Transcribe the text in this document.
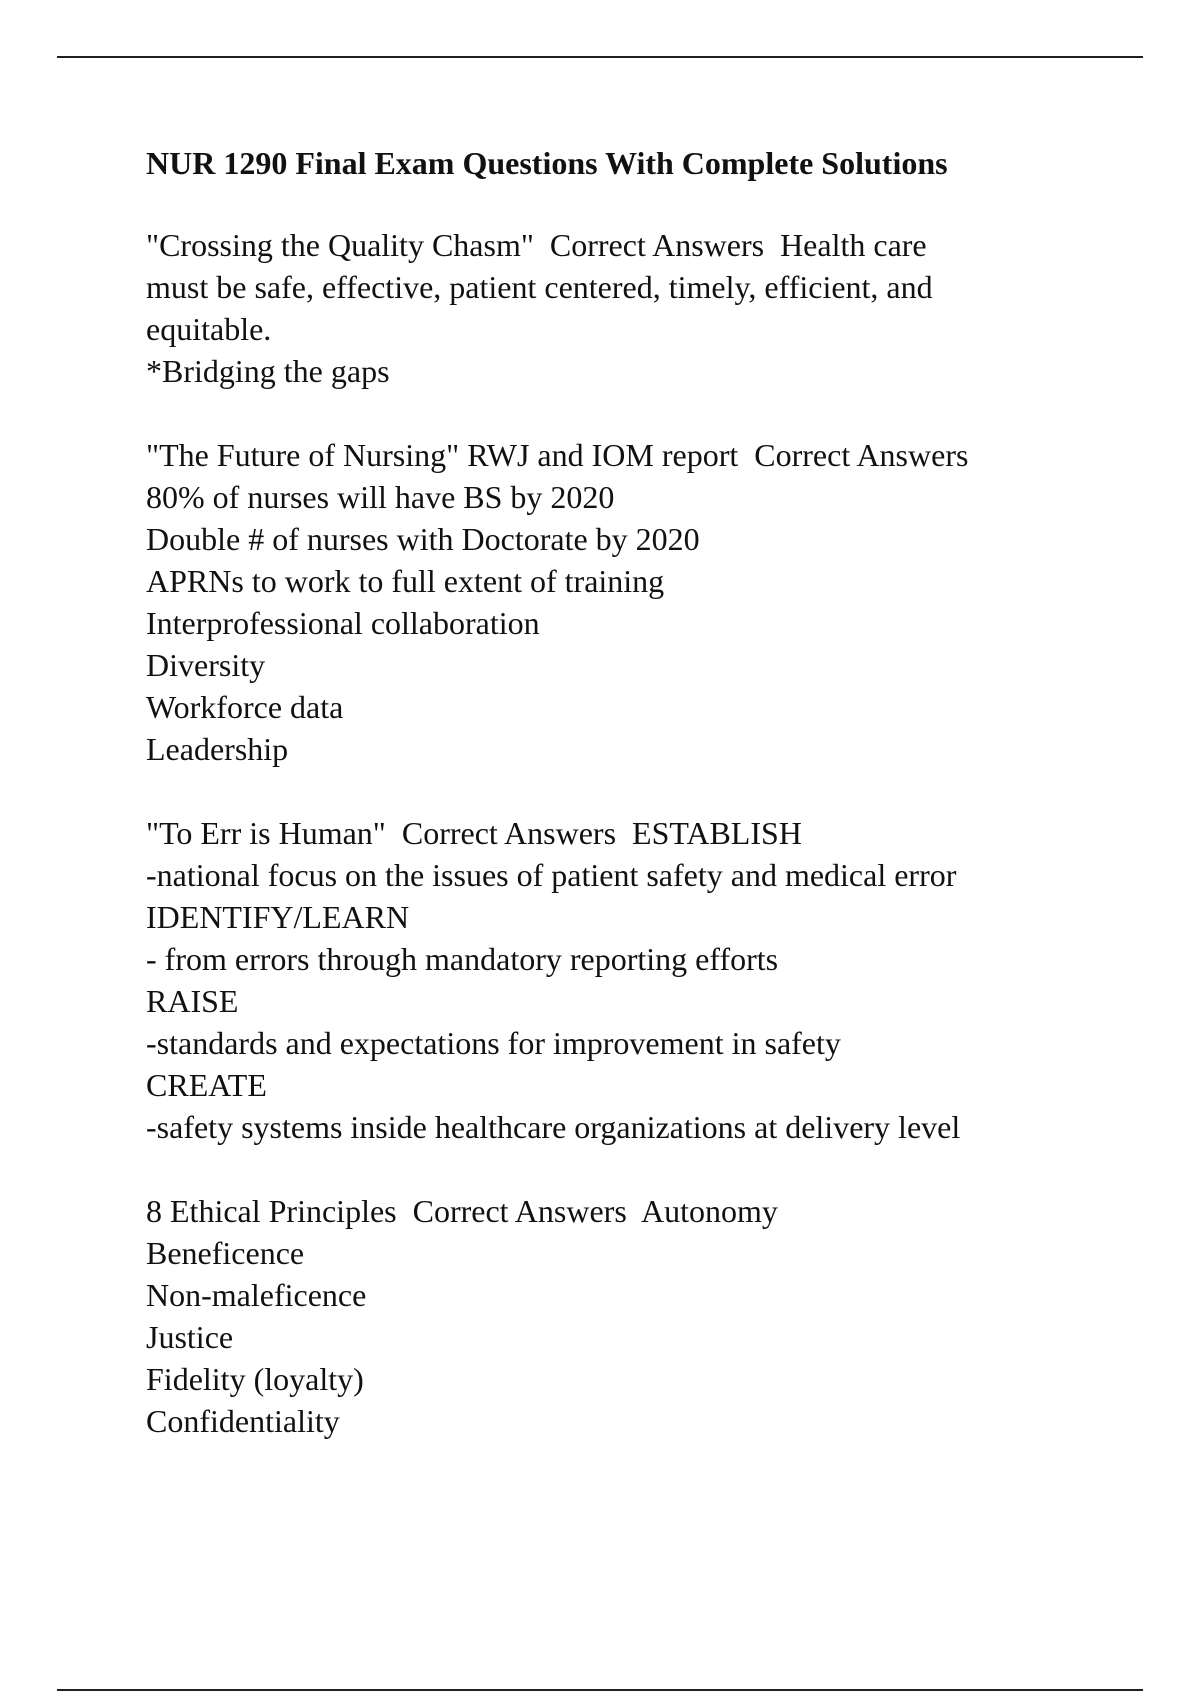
NUR 1290 Final Exam Questions With Complete Solutions
"Crossing the Quality Chasm"  Correct Answers  Health care
must be safe, effective, patient centered, timely, efficient, and
equitable.
*Bridging the gaps
"The Future of Nursing" RWJ and IOM report  Correct Answers
80% of nurses will have BS by 2020
Double # of nurses with Doctorate by 2020
APRNs to work to full extent of training
Interprofessional collaboration
Diversity
Workforce data
Leadership
"To Err is Human"  Correct Answers  ESTABLISH
-national focus on the issues of patient safety and medical error
IDENTIFY/LEARN
- from errors through mandatory reporting efforts
RAISE
-standards and expectations for improvement in safety
CREATE
-safety systems inside healthcare organizations at delivery level
8 Ethical Principles  Correct Answers  Autonomy
Beneficence
Non-maleficence
Justice
Fidelity (loyalty)
Confidentiality
